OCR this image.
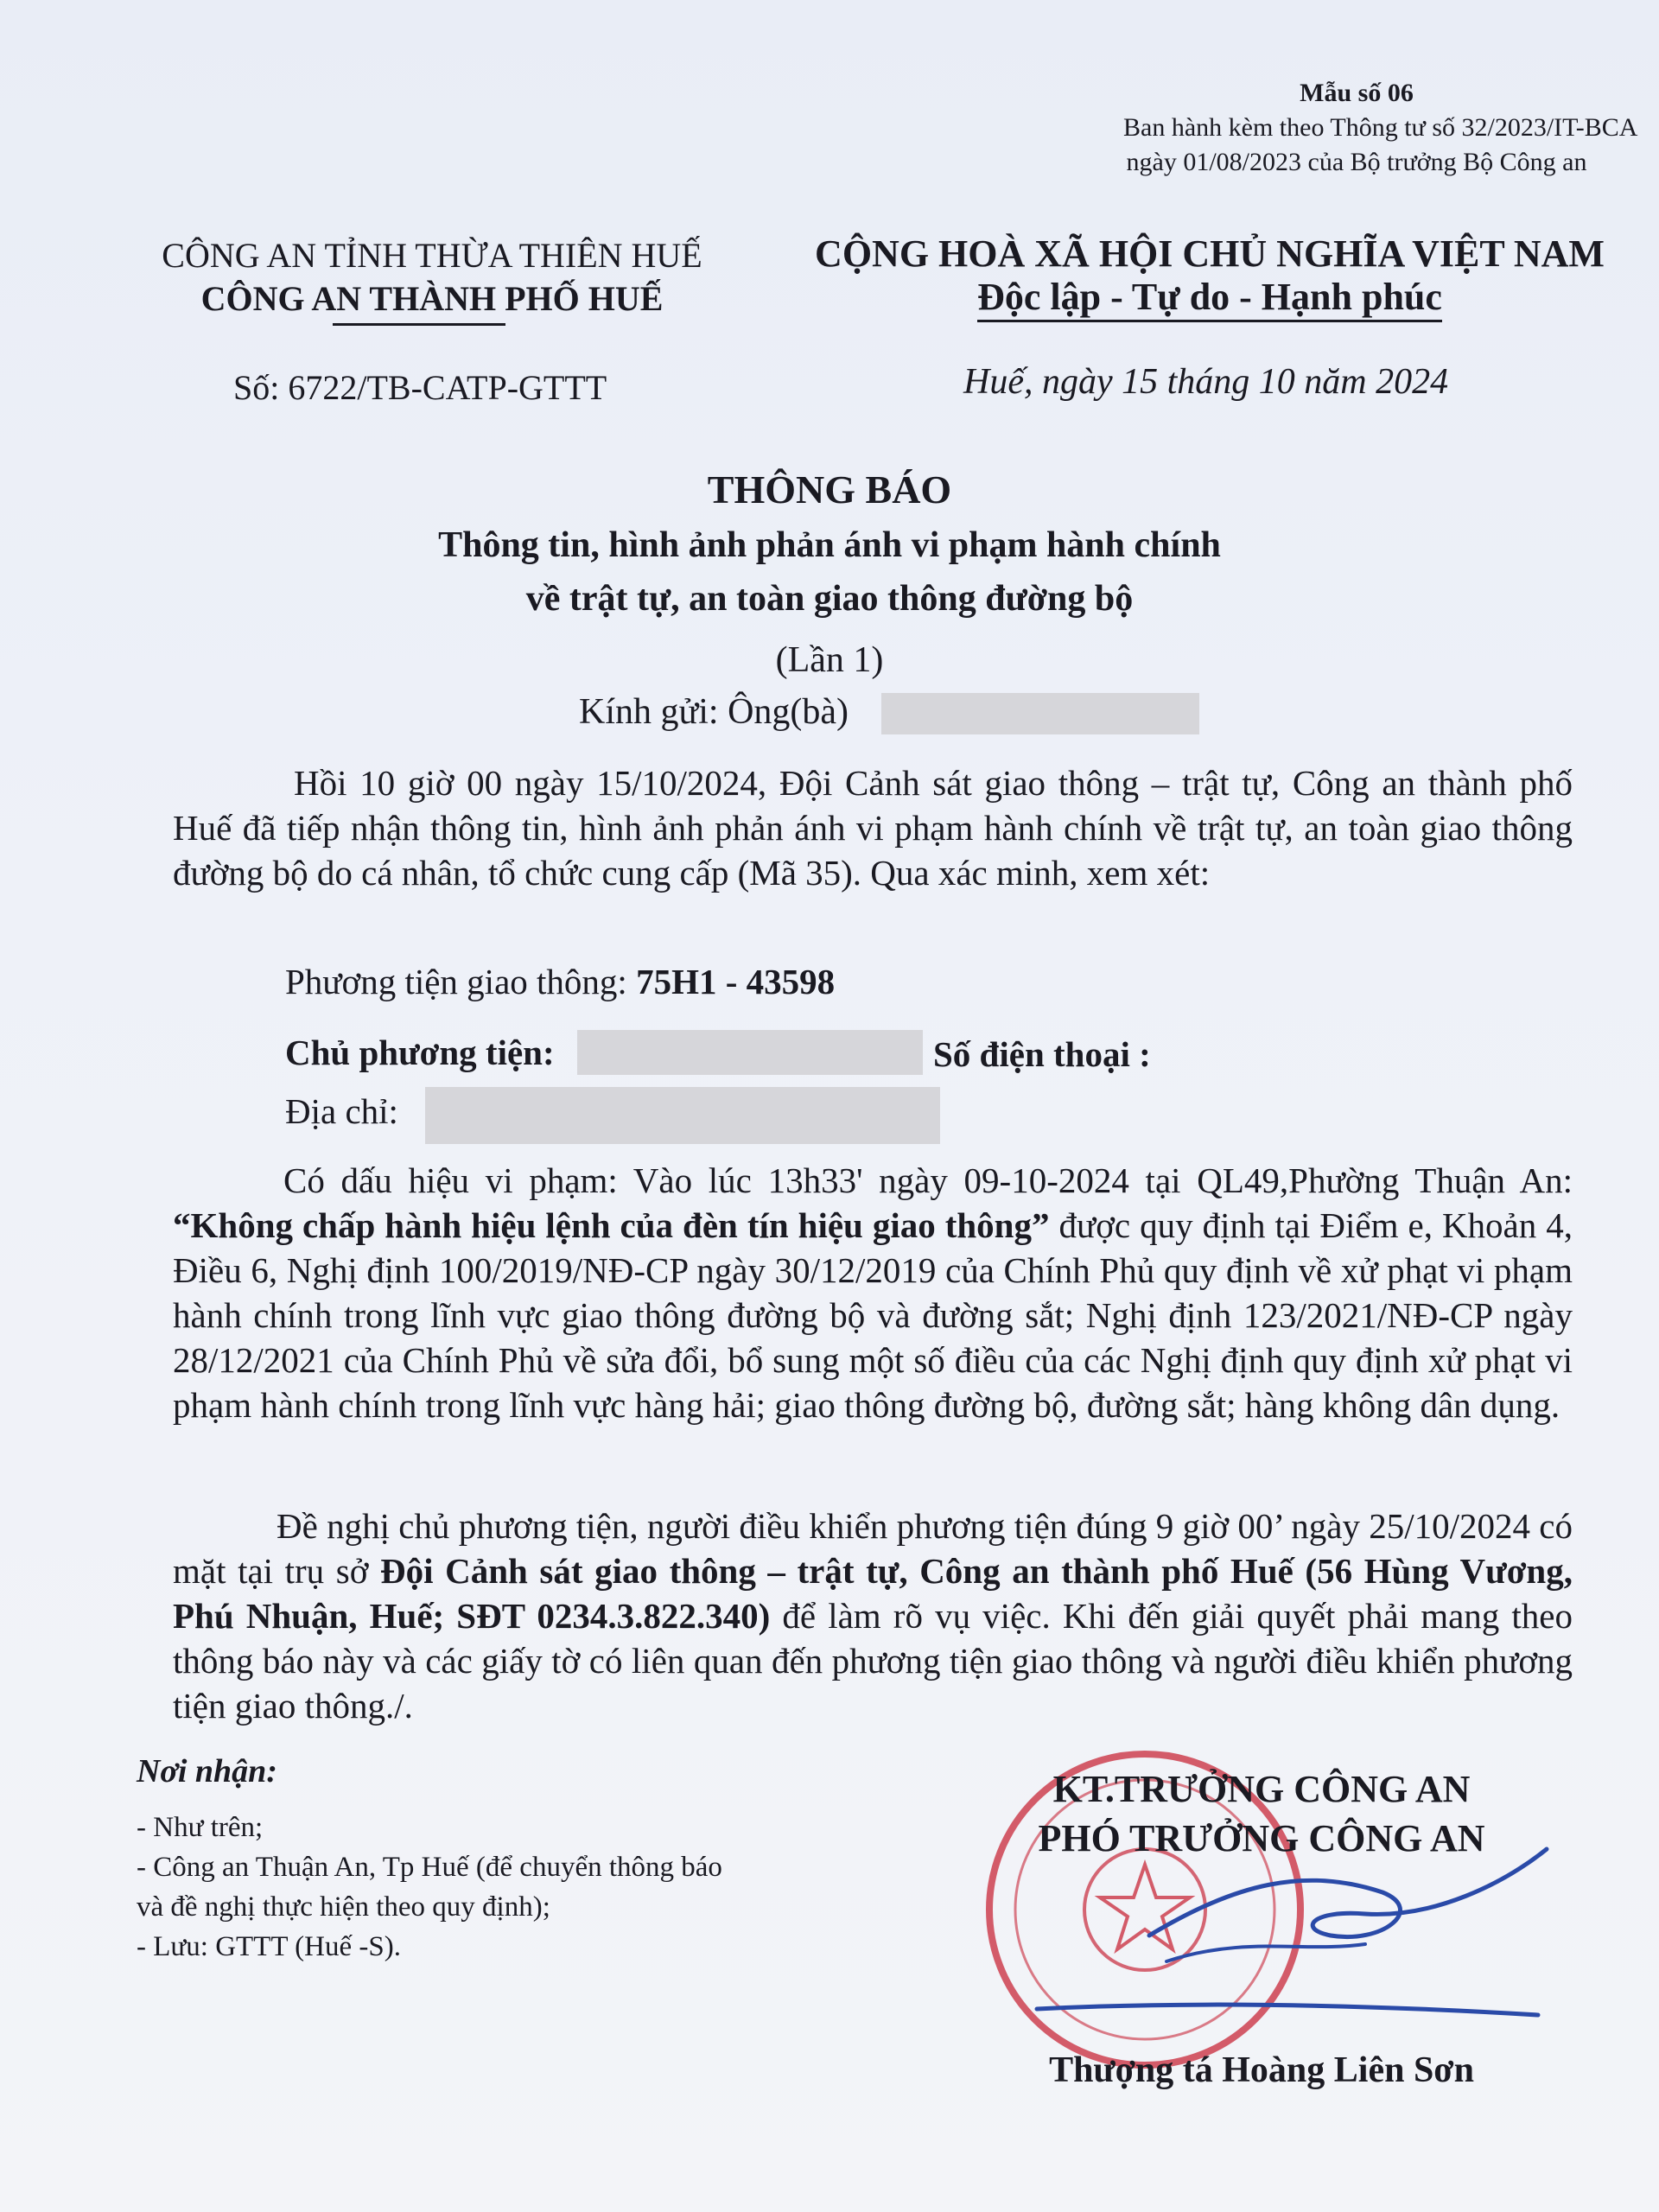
Mẫu số 06
Ban hành kèm theo Thông tư số 32/2023/IT-BCA
ngày 01/08/2023 của Bộ trưởng Bộ Công an
CÔNG AN TỈNH THỪA THIÊN HUẾ
CÔNG AN THÀNH PHỐ HUẾ
CỘNG HOÀ XÃ HỘI CHỦ NGHĨA VIỆT NAM
Độc lập - Tự do - Hạnh phúc
Số: 6722/TB-CATP-GTTT	Huế, ngày 15 tháng 10 năm 2024
THÔNG BÁO
Thông tin, hình ảnh phản ánh vi phạm hành chính
về trật tự, an toàn giao thông đường bộ
(Lần 1)
Kính gửi: Ông(bà)
Hồi 10 giờ 00 ngày 15/10/2024, Đội Cảnh sát giao thông – trật tự, Công an thành phố Huế đã tiếp nhận thông tin, hình ảnh phản ánh vi phạm hành chính về trật tự, an toàn giao thông đường bộ do cá nhân, tổ chức cung cấp (Mã 35). Qua xác minh, xem xét:
Phương tiện giao thông: 75H1 - 43598
Chủ phương tiện:	Số điện thoại :
Địa chỉ:
Có dấu hiệu vi phạm: Vào lúc 13h33' ngày 09-10-2024 tại QL49,Phường Thuận An: “Không chấp hành hiệu lệnh của đèn tín hiệu giao thông” được quy định tại Điểm e, Khoản 4, Điều 6, Nghị định 100/2019/NĐ-CP ngày 30/12/2019 của Chính Phủ quy định về xử phạt vi phạm hành chính trong lĩnh vực giao thông đường bộ và đường sắt; Nghị định 123/2021/NĐ-CP ngày 28/12/2021 của Chính Phủ về sửa đổi, bổ sung một số điều của các Nghị định quy định xử phạt vi phạm hành chính trong lĩnh vực hàng hải; giao thông đường bộ, đường sắt; hàng không dân dụng.
Đề nghị chủ phương tiện, người điều khiển phương tiện đúng 9 giờ 00’ ngày 25/10/2024 có mặt tại trụ sở Đội Cảnh sát giao thông – trật tự, Công an thành phố Huế (56 Hùng Vương, Phú Nhuận, Huế; SĐT 0234.3.822.340) để làm rõ vụ việc. Khi đến giải quyết phải mang theo thông báo này và các giấy tờ có liên quan đến phương tiện giao thông và người điều khiển phương tiện giao thông./.
Nơi nhận:
- Như trên;
- Công an Thuận An, Tp Huế (để chuyển thông báo
và đề nghị thực hiện theo quy định);
- Lưu: GTTT (Huế -S).
KT.TRƯỞNG CÔNG AN
PHÓ TRƯỞNG CÔNG AN
Thượng tá Hoàng Liên Sơn
